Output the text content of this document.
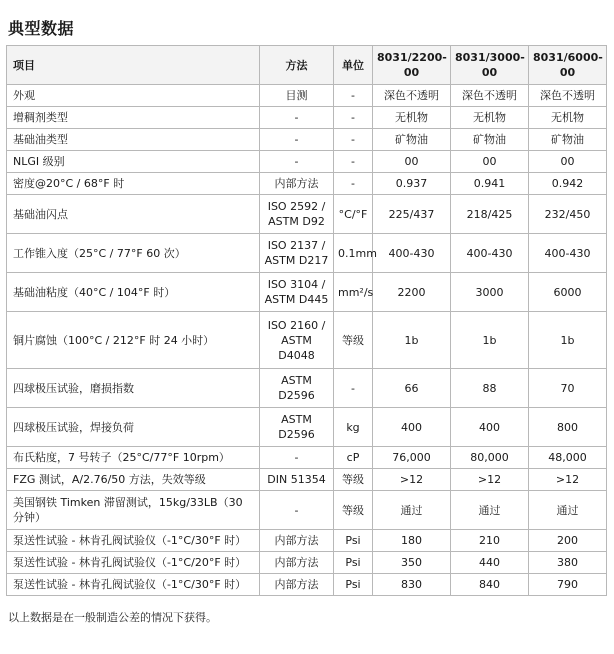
典型数据
项目	方法	单位	8031/2200-00	8031/3000-00	8031/6000-00
外观	目测	-	深色不透明	深色不透明	深色不透明
增稠剂类型	-	-	无机物	无机物	无机物
基础油类型	-	-	矿物油	矿物油	矿物油
NLGI 级别	-	-	00	00	00
密度@20°C / 68°F 时	内部方法	-	0.937	0.941	0.942
基础油闪点	ISO 2592 / ASTM D92	°C/°F	225/437	218/425	232/450
工作锥入度（25°C / 77°F 60 次）	ISO 2137 / ASTM D217	0.1mm	400-430	400-430	400-430
基础油粘度（40°C / 104°F 时）	ISO 3104 / ASTM D445	mm²/s	2200	3000	6000
铜片腐蚀（100°C / 212°F 时 24 小时）	ISO 2160 / ASTM D4048	等级	1b	1b	1b
四球极压试验，磨损指数	ASTM D2596	-	66	88	70
四球极压试验，焊接负荷	ASTM D2596	kg	400	400	800
布氏粘度，7 号转子（25°C/77°F 10rpm）	-	cP	76,000	80,000	48,000
FZG 测试，A/2.76/50 方法，失效等级	DIN 51354	等级	>12	>12	>12
美国钢铁 Timken 滞留测试，15kg/33LB（30 分钟）	-	等级	通过	通过	通过
泵送性试验 - 林肯孔阀试验仪（-1°C/30°F 时）	内部方法	Psi	180	210	200
泵送性试验 - 林肯孔阀试验仪（-1°C/20°F 时）	内部方法	Psi	350	440	380
泵送性试验 - 林肯孔阀试验仪（-1°C/30°F 时）	内部方法	Psi	830	840	790
以上数据是在一般制造公差的情况下获得。
